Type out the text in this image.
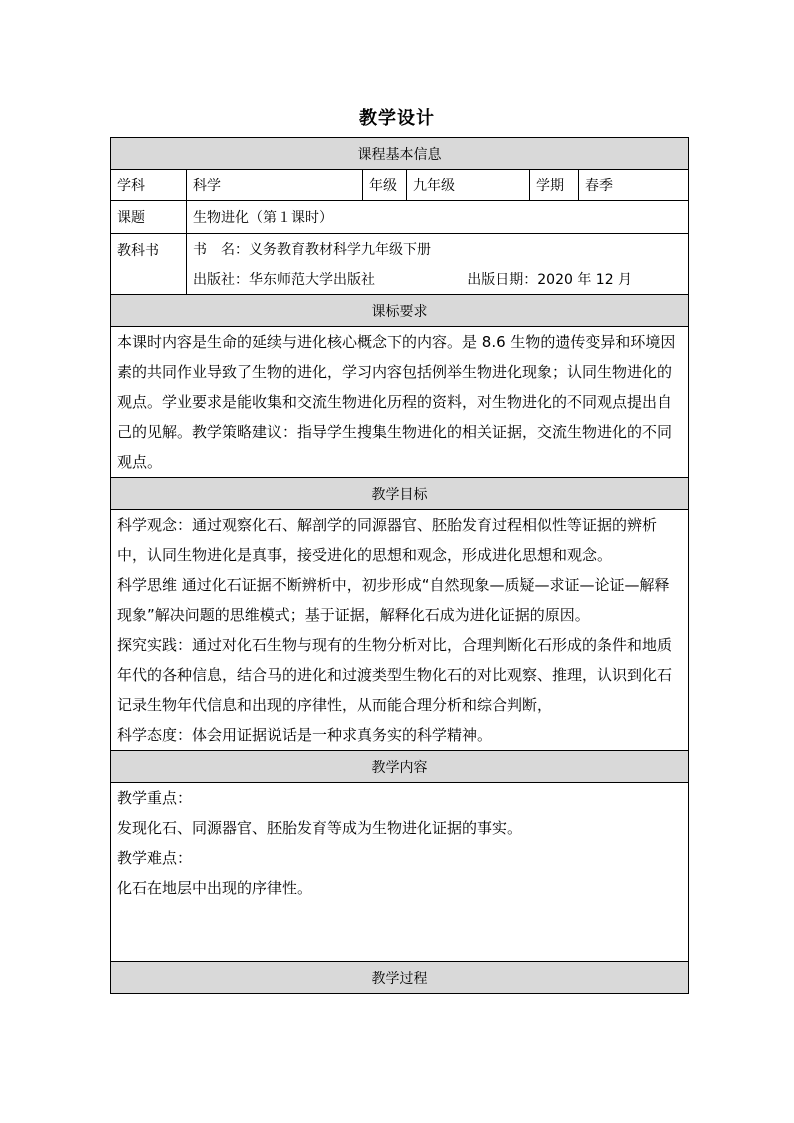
教学设计
课程基本信息					
学科	科学	年级	九年级	学期	春季
课题	生物进化（第１课时）				
教科书	书　名：义务教育教材科学九年级下册				

	出版社：华东师范大学出版社 出版日期：2020 年 12 月				

课标要求					

本课时内容是生命的延续与进化核心概念下的内容。是 8.6 生物的遗传变异和环境因素的共同作业导致了生物的进化，学习内容包括例举生物进化现象；认同生物进化的观点。学业要求是能收集和交流生物进化历程的资料，对生物进化的不同观点提出自己的见解。教学策略建议：指导学生搜集生物进化的相关证据，交流生物进化的不同观点。					

教学目标					

科学观念：通过观察化石、解剖学的同源器官、胚胎发育过程相似性等证据的辨析中，认同生物进化是真事，接受进化的思想和观念，形成进化思想和观念。

科学思维 通过化石证据不断辨析中，初步形成“自然现象—质疑—求证—论证—解释现象”解决问题的思维模式；基于证据，解释化石成为进化证据的原因。

探究实践：通过对化石生物与现有的生物分析对比，合理判断化石形成的条件和地质年代的各种信息，结合马的进化和过渡类型生物化石的对比观察、推理，认识到化石记录生物年代信息和出现的序律性，从而能合理分析和综合判断，

科学态度：体会用证据说话是一种求真务实的科学精神。					

教学内容					

教学重点：

发现化石、同源器官、胚胎发育等成为生物进化证据的事实。

教学难点：

化石在地层中出现的序律性。					

教学过程					
